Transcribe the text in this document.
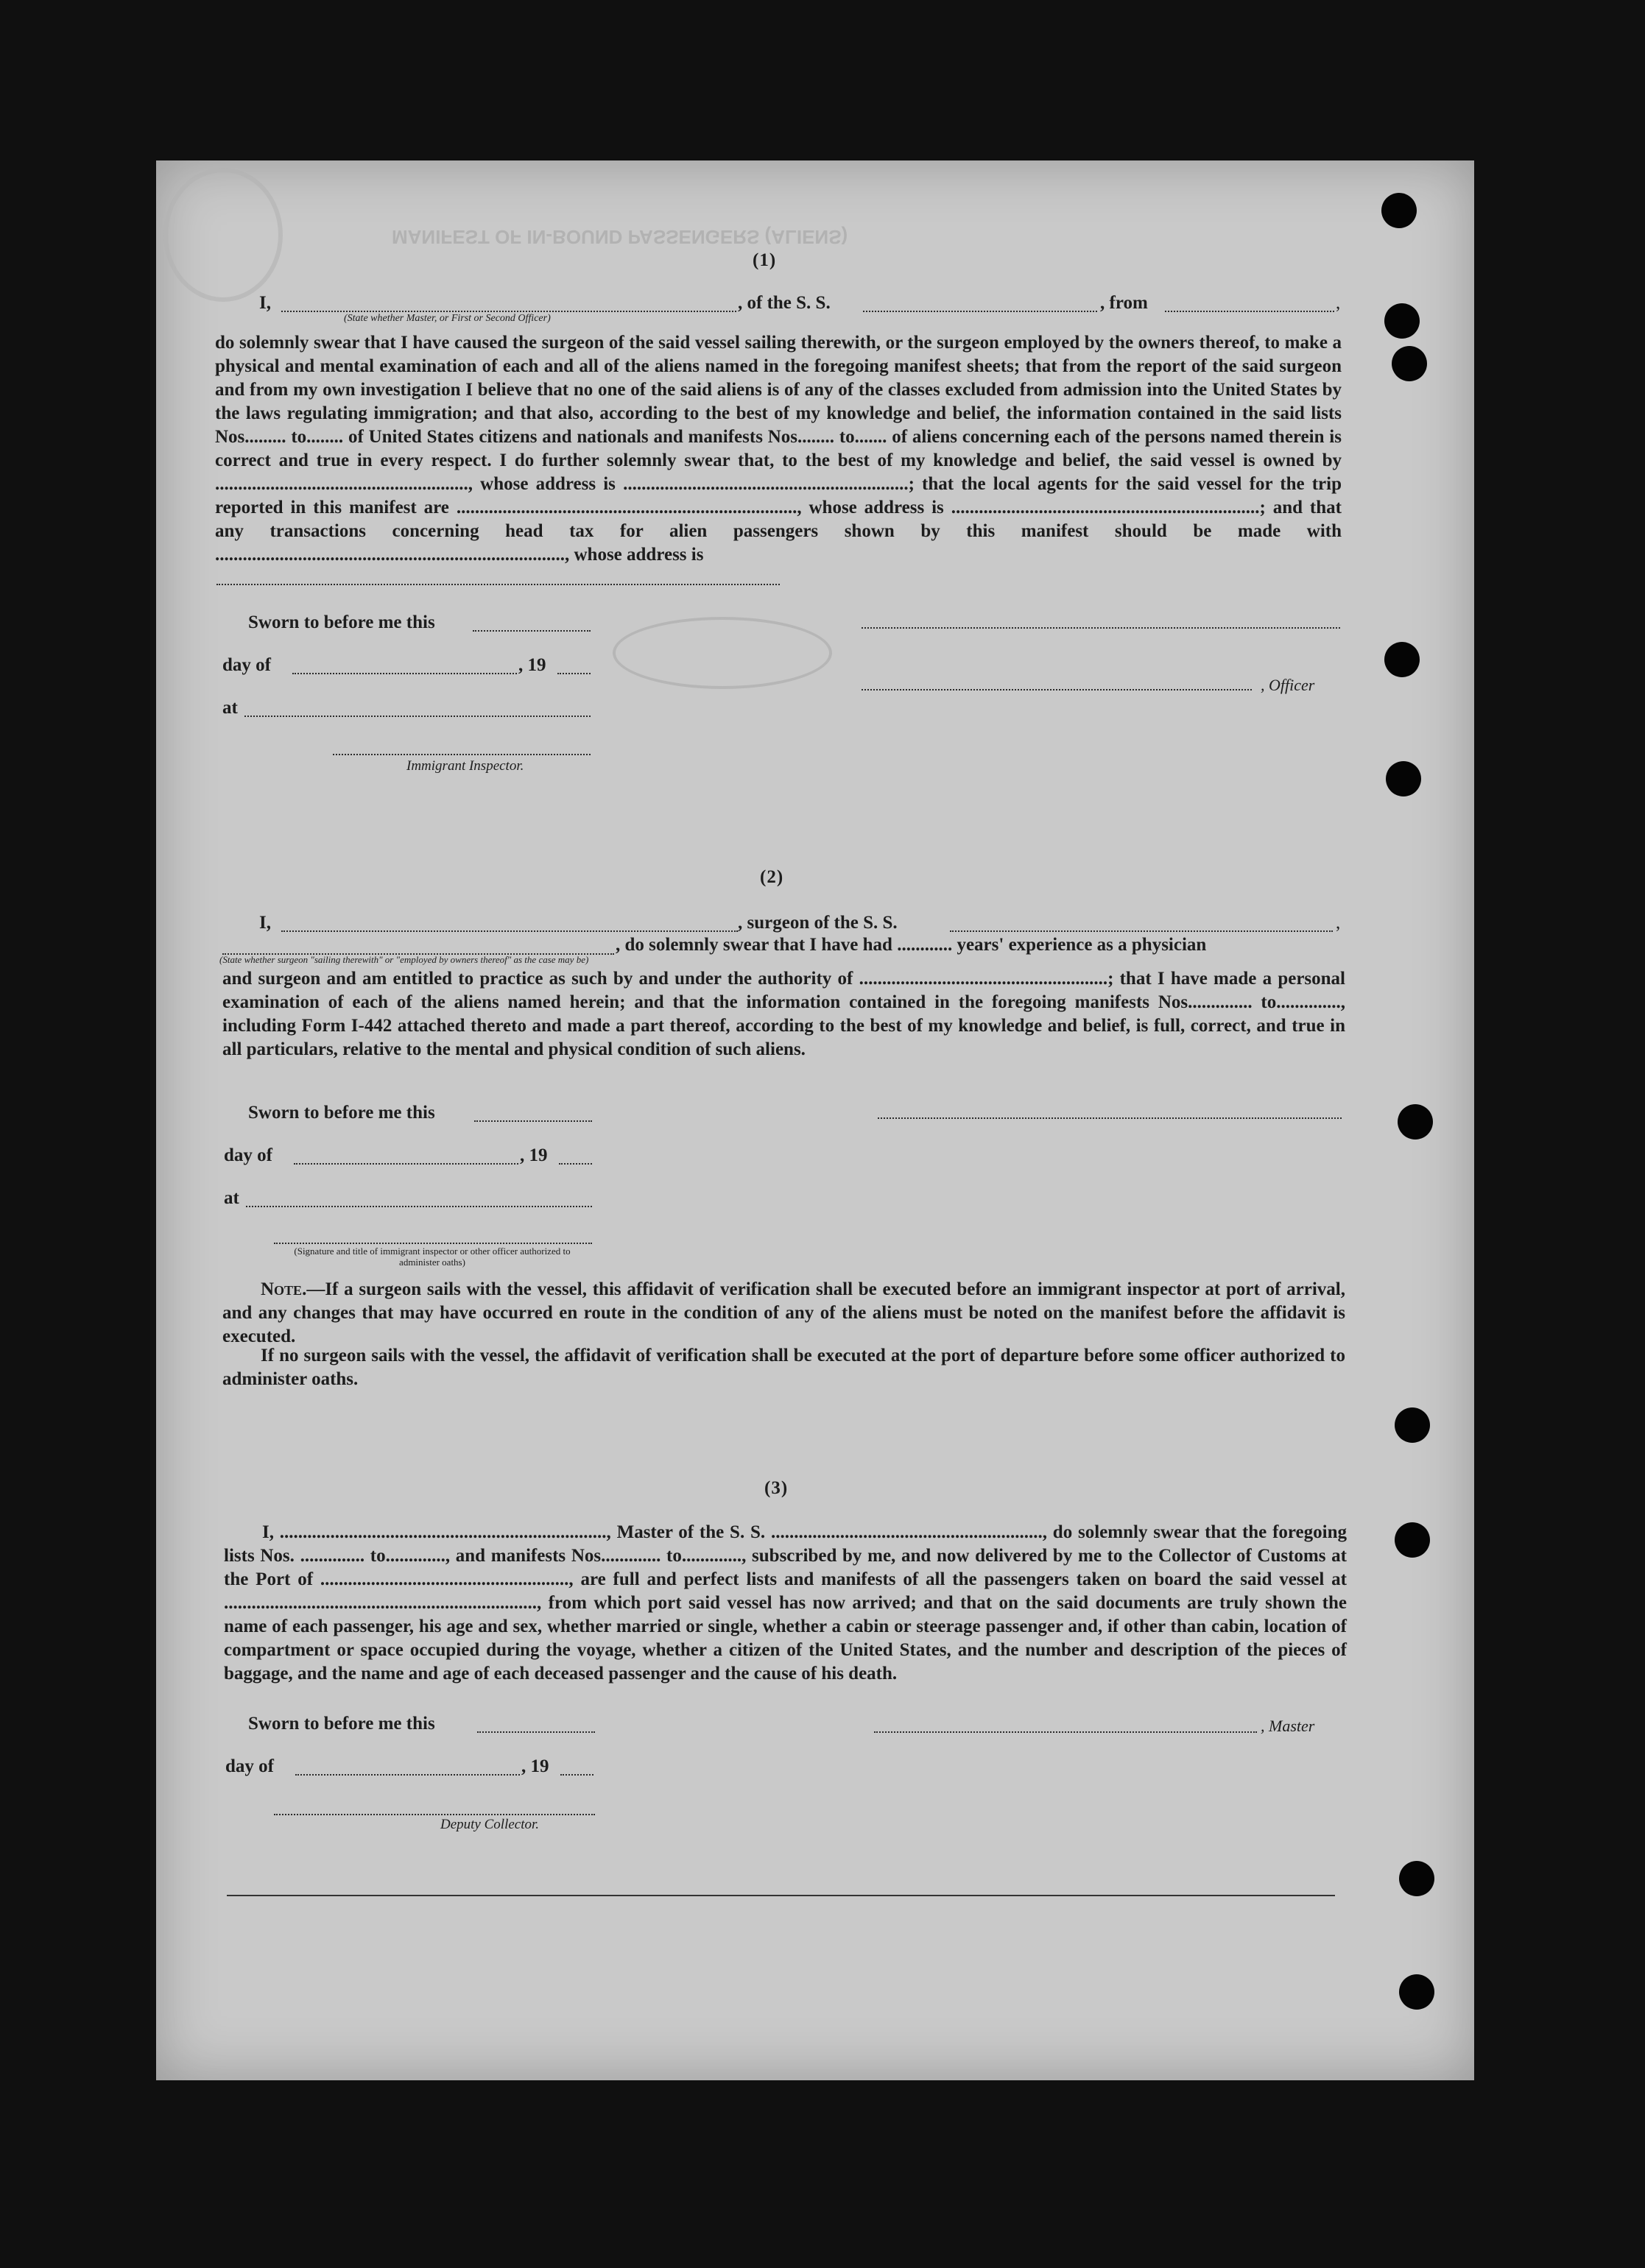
MANIFEST OF IN-BOUND PASSENGERS (ALIENS)
(1)
I,	, of the S. S.	, from	,
(State whether Master, or First or Second Officer)
do solemnly swear that I have caused the surgeon of the said vessel sailing therewith, or the surgeon employed by the owners thereof, to make a physical and mental examination of each and all of the aliens named in the foregoing manifest sheets; that from the report of the said surgeon and from my own investigation I believe that no one of the said aliens is of any of the classes excluded from admission into the United States by the laws regulating immigration; and that also, according to the best of my knowledge and belief, the information contained in the said lists Nos......... to........ of United States citizens and nationals and manifests Nos........ to....... of aliens concerning each of the persons named therein is correct and true in every respect. I do further solemnly swear that, to the best of my knowledge and belief, the said vessel is owned by ......................................................., whose address is ..............................................................; that the local agents for the said vessel for the trip reported in this manifest are .........................................................................., whose address is ...................................................................; and that any transactions concerning head tax for alien passengers shown by this manifest should be made with ............................................................................, whose address is
Sworn to before me this
day of	, 19
at
Immigrant Inspector.
, Officer
(2)
I,	, surgeon of the S. S.	,
, do solemnly swear that I have had ............ years' experience as a physician
(State whether surgeon "sailing therewith" or "employed by owners thereof" as the case may be)
and surgeon and am entitled to practice as such by and under the authority of ......................................................; that I have made a personal examination of each of the aliens named herein; and that the information contained in the foregoing manifests Nos.............. to.............., including Form I-442 attached thereto and made a part thereof, according to the best of my knowledge and belief, is full, correct, and true in all particulars, relative to the mental and physical condition of such aliens.
Sworn to before me this
day of	, 19
at
(Signature and title of immigrant inspector or other officer authorized to administer oaths)
Note.—If a surgeon sails with the vessel, this affidavit of verification shall be executed before an immigrant inspector at port of arrival, and any changes that may have occurred en route in the condition of any of the aliens must be noted on the manifest before the affidavit is executed.
If no surgeon sails with the vessel, the affidavit of verification shall be executed at the port of departure before some officer authorized to administer oaths.
(3)
I, ......................................................................., Master of the S. S. ..........................................................., do solemnly swear that the foregoing lists Nos. .............. to............., and manifests Nos............. to............., subscribed by me, and now delivered by me to the Collector of Customs at the Port of ......................................................, are full and perfect lists and manifests of all the passengers taken on board the said vessel at ...................................................................., from which port said vessel has now arrived; and that on the said documents are truly shown the name of each passenger, his age and sex, whether married or single, whether a cabin or steerage passenger and, if other than cabin, location of compartment or space occupied during the voyage, whether a citizen of the United States, and the number and description of the pieces of baggage, and the name and age of each deceased passenger and the cause of his death.
Sworn to before me this
day of	, 19
Deputy Collector.
, Master
